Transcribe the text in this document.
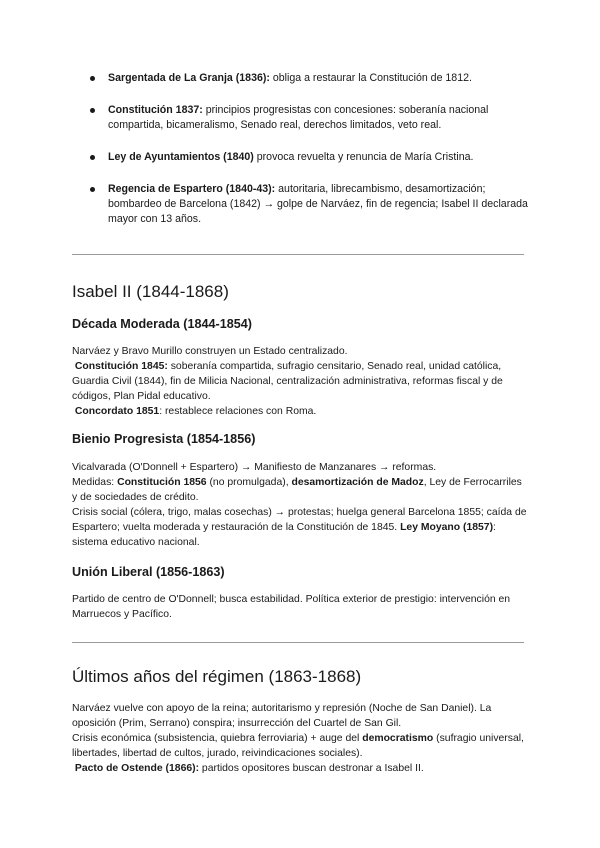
Sargentada de La Granja (1836): obliga a restaurar la Constitución de 1812.
Constitución 1837: principios progresistas con concesiones: soberanía nacional compartida, bicameralismo, Senado real, derechos limitados, veto real.
Ley de Ayuntamientos (1840) provoca revuelta y renuncia de María Cristina.
Regencia de Espartero (1840-43): autoritaria, librecambismo, desamortización; bombardeo de Barcelona (1842) → golpe de Narváez, fin de regencia; Isabel II declarada mayor con 13 años.
Isabel II (1844-1868)
Década Moderada (1844-1854)
Narváez y Bravo Murillo construyen un Estado centralizado.
Constitución 1845: soberanía compartida, sufragio censitario, Senado real, unidad católica, Guardia Civil (1844), fin de Milicia Nacional, centralización administrativa, reformas fiscal y de códigos, Plan Pidal educativo.
Concordato 1851: restablece relaciones con Roma.
Bienio Progresista (1854-1856)
Vicalvarada (O'Donnell + Espartero) → Manifiesto de Manzanares → reformas.
Medidas: Constitución 1856 (no promulgada), desamortización de Madoz, Ley de Ferrocarriles y de sociedades de crédito.
Crisis social (cólera, trigo, malas cosechas) → protestas; huelga general Barcelona 1855; caída de Espartero; vuelta moderada y restauración de la Constitución de 1845. Ley Moyano (1857): sistema educativo nacional.
Unión Liberal (1856-1863)
Partido de centro de O'Donnell; busca estabilidad. Política exterior de prestigio: intervención en Marruecos y Pacífico.
Últimos años del régimen (1863-1868)
Narváez vuelve con apoyo de la reina; autoritarismo y represión (Noche de San Daniel). La oposición (Prim, Serrano) conspira; insurrección del Cuartel de San Gil.
Crisis económica (subsistencia, quiebra ferroviaria) + auge del democratismo (sufragio universal, libertades, libertad de cultos, jurado, reivindicaciones sociales).
Pacto de Ostende (1866): partidos opositores buscan destronar a Isabel II.
